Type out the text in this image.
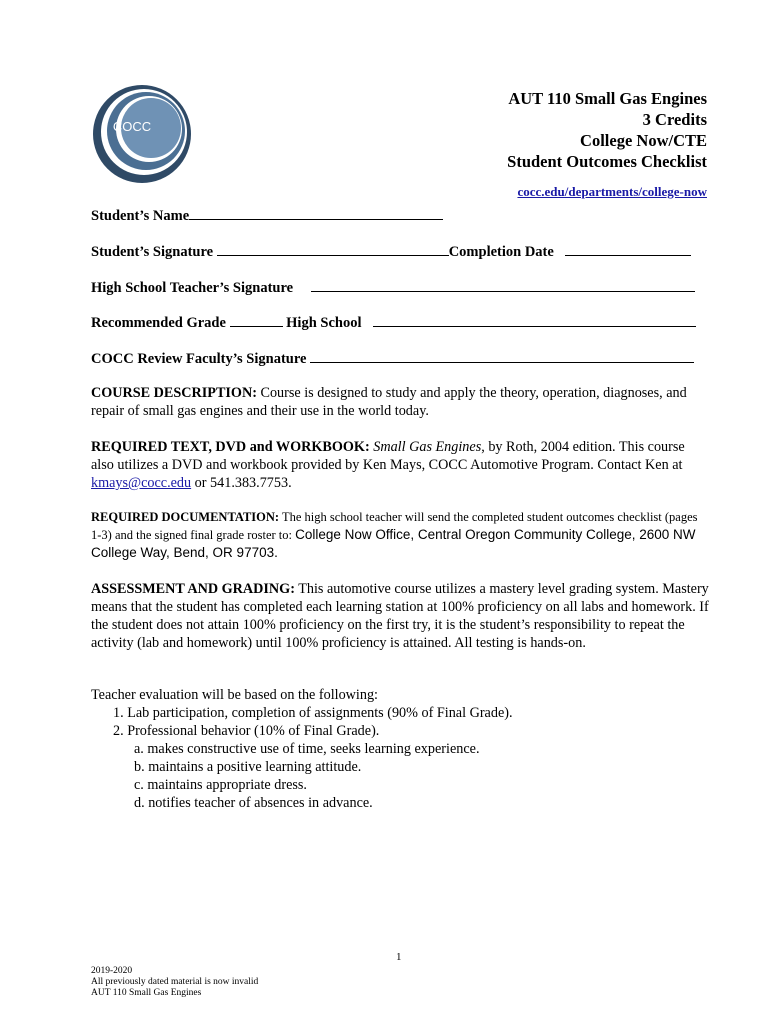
COCC
AUT 110 Small Gas Engines
3 Credits
College Now/CTE
Student Outcomes Checklist
cocc.edu/departments/college-now
Student’s Name
Student’s Signature	Completion Date
High School Teacher’s Signature
Recommended Grade	High School
COCC Review Faculty’s Signature
COURSE DESCRIPTION: Course is designed to study and apply the theory, operation, diagnoses, and repair of small gas engines and their use in the world today.
REQUIRED TEXT, DVD and WORKBOOK: Small Gas Engines, by Roth, 2004 edition. This course also utilizes a DVD and workbook provided by Ken Mays, COCC Automotive Program. Contact Ken at kmays@cocc.edu or 541.383.7753.
REQUIRED DOCUMENTATION: The high school teacher will send the completed student outcomes checklist (pages 1-3) and the signed final grade roster to: College Now Office, Central Oregon Community College, 2600 NW College Way, Bend, OR 97703.
ASSESSMENT AND GRADING: This automotive course utilizes a mastery level grading system. Mastery means that the student has completed each learning station at 100% proficiency on all labs and homework. If the student does not attain 100% proficiency on the first try, it is the student’s responsibility to repeat the activity (lab and homework) until 100% proficiency is attained. All testing is hands-on.
Teacher evaluation will be based on the following:
1. Lab participation, completion of assignments (90% of Final Grade).
2. Professional behavior (10% of Final Grade).
a. makes constructive use of time, seeks learning experience.
b. maintains a positive learning attitude.
c. maintains appropriate dress.
d. notifies teacher of absences in advance.
1
2019-2020
All previously dated material is now invalid
AUT 110 Small Gas Engines
